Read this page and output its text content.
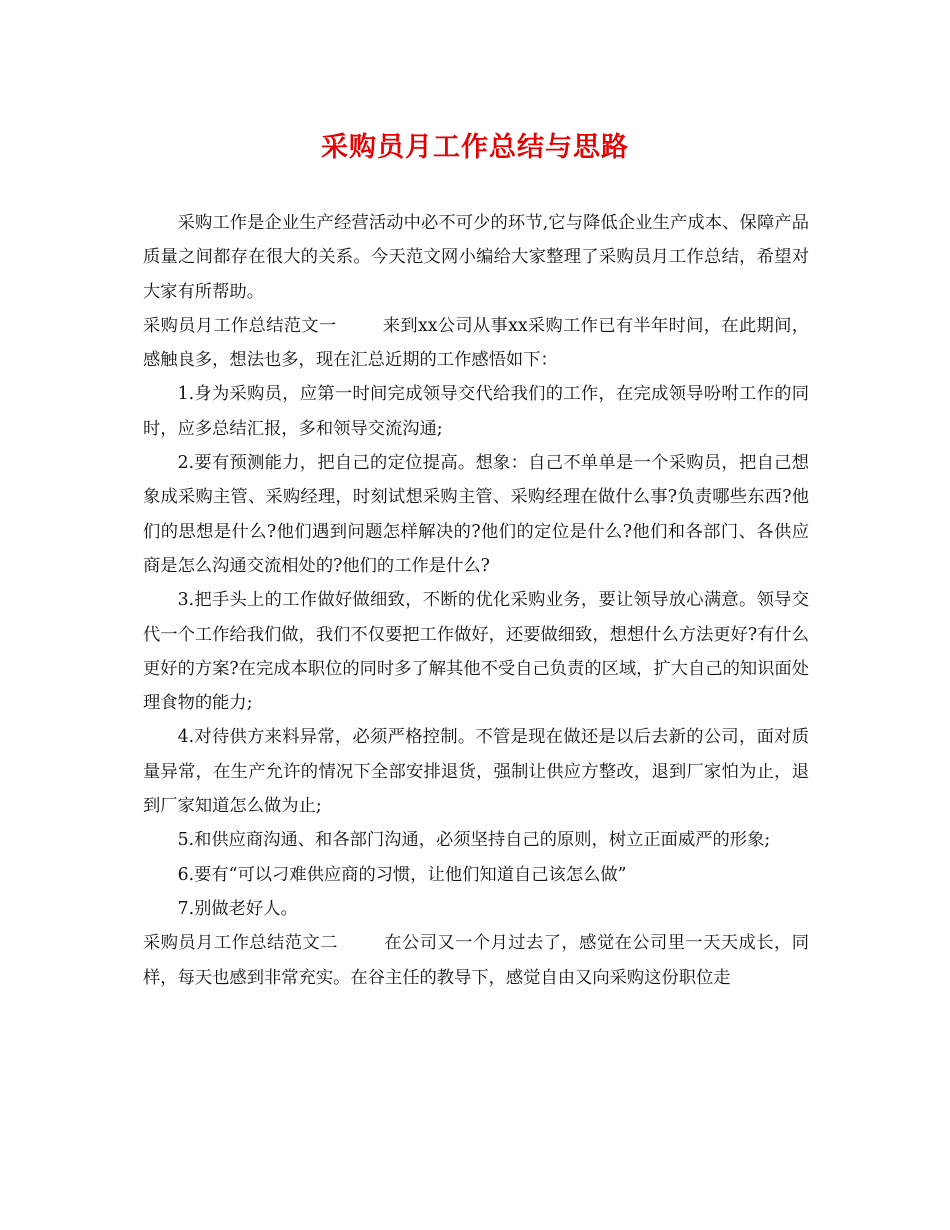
采购员月工作总结与思路

采购工作是企业生产经营活动中必不可少的环节,它与降低企业生产成本、保障产品质量之间都存在很大的关系。今天范文网小编给大家整理了采购员月工作总结，希望对大家有所帮助。

采购员月工作总结范文一	来到xx公司从事xx采购工作已有半年时间，在此期间，感触良多，想法也多，现在汇总近期的工作感悟如下：

1.身为采购员，应第一时间完成领导交代给我们的工作，在完成领导吩咐工作的同时，应多总结汇报，多和领导交流沟通;

2.要有预测能力，把自己的定位提高。想象：自己不单单是一个采购员，把自己想象成采购主管、采购经理，时刻试想采购主管、采购经理在做什么事?负责哪些东西?他们的思想是什么?他们遇到问题怎样解决的?他们的定位是什么?他们和各部门、各供应商是怎么沟通交流相处的?他们的工作是什么?

3.把手头上的工作做好做细致，不断的优化采购业务，要让领导放心满意。领导交代一个工作给我们做，我们不仅要把工作做好，还要做细致，想想什么方法更好?有什么更好的方案?在完成本职位的同时多了解其他不受自己负责的区域，扩大自己的知识面处理食物的能力;

4.对待供方来料异常，必须严格控制。不管是现在做还是以后去新的公司，面对质量异常，在生产允许的情况下全部安排退货，强制让供应方整改，退到厂家怕为止，退到厂家知道怎么做为止;

5.和供应商沟通、和各部门沟通，必须坚持自己的原则，树立正面威严的形象;

6.要有“可以刁难供应商的习惯，让他们知道自己该怎么做”

7.别做老好人。

采购员月工作总结范文二	在公司又一个月过去了，感觉在公司里一天天成长，同样，每天也感到非常充实。在谷主任的教导下，感觉自由又向采购这份职位走
